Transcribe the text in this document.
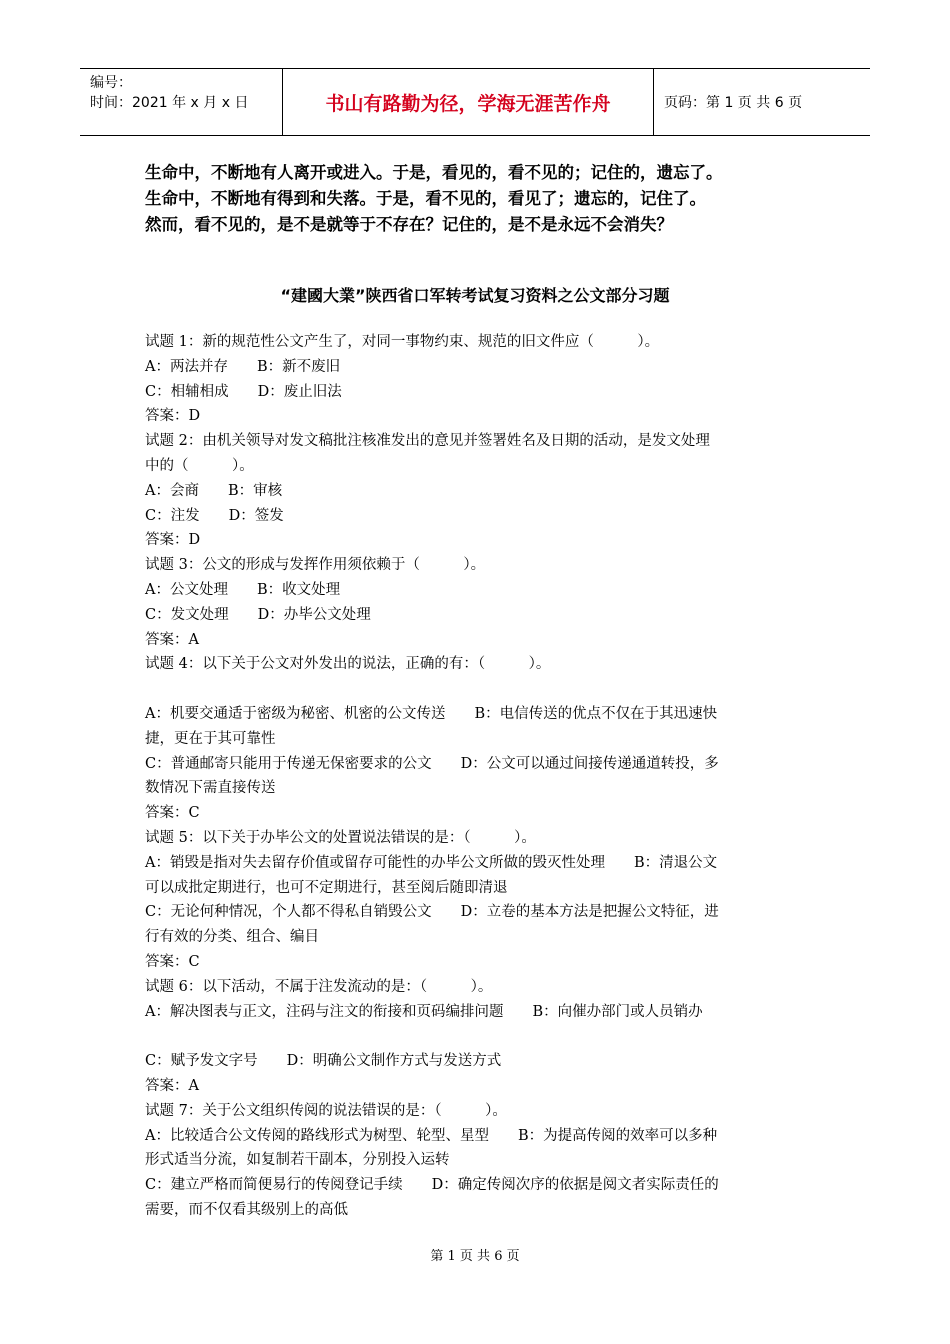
编号：
时间：2021 年 x 月 x 日	书山有路勤为径，学海无涯苦作舟	页码：第 1 页 共 6 页
生命中，不断地有人离开或进入。于是，看见的，看不见的；记住的，遗忘了。
生命中，不断地有得到和失落。于是，看不见的，看见了；遗忘的，记住了。
然而，看不见的，是不是就等于不存在？记住的，是不是永远不会消失？
“建國大業”陕西省口军转考试复习资料之公文部分习题
试题 1：新的规范性公文产生了，对同一事物约束、规范的旧文件应（　　　）。
A：两法并存　　B：新不废旧
C：相辅相成　　D：废止旧法
答案：D
试题 2：由机关领导对发文稿批注核准发出的意见并签署姓名及日期的活动，是发文处理
中的（　　　）。
A：会商　　B：审核
C：注发　　D：签发
答案：D
试题 3：公文的形成与发挥作用须依赖于（　　　）。
A：公文处理　　B：收文处理
C：发文处理　　D：办毕公文处理
答案：A
试题 4：以下关于公文对外发出的说法，正确的有：（　　　）。
A：机要交通适于密级为秘密、机密的公文传送　　B：电信传送的优点不仅在于其迅速快
捷，更在于其可靠性
C：普通邮寄只能用于传递无保密要求的公文　　D：公文可以通过间接传递通道转投，多
数情况下需直接传送
答案：C
试题 5：以下关于办毕公文的处置说法错误的是：（　　　）。
A：销毁是指对失去留存价值或留存可能性的办毕公文所做的毁灭性处理　　B：清退公文
可以成批定期进行，也可不定期进行，甚至阅后随即清退
C：无论何种情况，个人都不得私自销毁公文　　D：立卷的基本方法是把握公文特征，进
行有效的分类、组合、编目
答案：C
试题 6：以下活动，不属于注发流动的是：（　　　）。
A：解决图表与正文，注码与注文的衔接和页码编排问题　　B：向催办部门或人员销办
C：赋予发文字号　　D：明确公文制作方式与发送方式
答案：A
试题 7：关于公文组织传阅的说法错误的是：（　　　）。
A：比较适合公文传阅的路线形式为树型、轮型、星型　　B：为提高传阅的效率可以多种
形式适当分流，如复制若干副本，分别投入运转
C：建立严格而简便易行的传阅登记手续　　D：确定传阅次序的依据是阅文者实际责任的
需要，而不仅看其级别上的高低
第 1 页 共 6 页
